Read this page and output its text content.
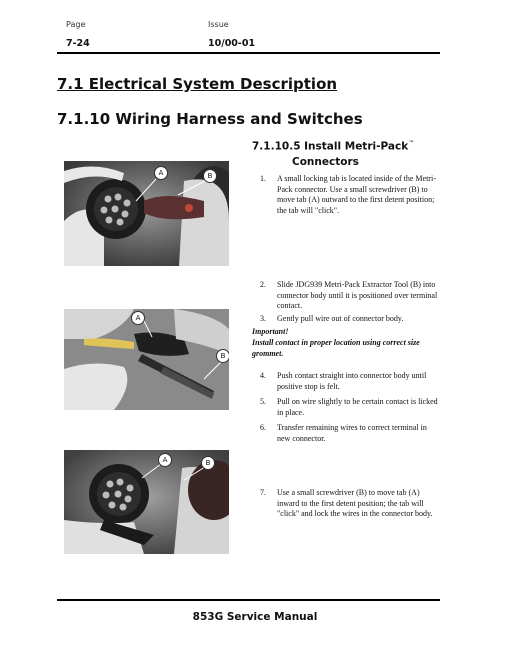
Page	Issue
7-24	10/00-01
7.1 Electrical System Description
7.1.10 Wiring Harness and Switches
7.1.10.5 Install Metri-Pack™
Connectors
A	B
A
B
A	B
1. A small locking tab is located inside of the Metri-Pack connector. Use a small screwdriver (B) to move tab (A) outward to the first detent position; the tab will "click".
2. Slide JDG939 Metri-Pack Extractor Tool (B) into connector body until it is positioned over terminal contact.
3. Gently pull wire out of connector body.
Important!
Install contact in proper location using correct size grommet.
4. Push contact straight into connector body until positive stop is felt.
5. Pull on wire slightly to be certain contact is licked in place.
6. Transfer remaining wires to correct terminal in new connector.
7. Use a small screwdriver (B) to move tab (A) inward to the first detent position; the tab will "click" and lock the wires in the connector body.
853G Service Manual
